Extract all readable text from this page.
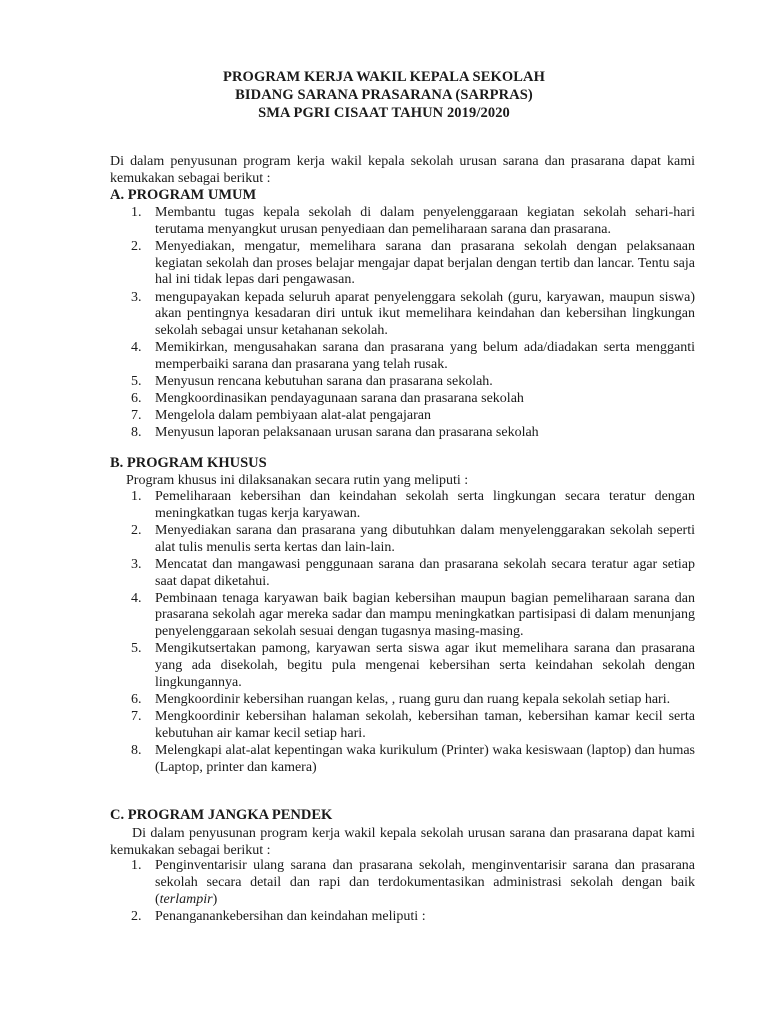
PROGRAM KERJA WAKIL KEPALA SEKOLAH
BIDANG SARANA PRASARANA (SARPRAS)
SMA PGRI CISAAT TAHUN 2019/2020
Di dalam penyusunan program kerja wakil kepala sekolah urusan sarana dan prasarana dapat kami kemukakan sebagai berikut :
A. PROGRAM UMUM
1. Membantu tugas kepala sekolah di dalam penyelenggaraan kegiatan sekolah sehari-hari terutama menyangkut urusan penyediaan dan pemeliharaan sarana dan prasarana.
2. Menyediakan, mengatur, memelihara sarana dan prasarana sekolah dengan pelaksanaan kegiatan sekolah dan proses belajar mengajar dapat berjalan dengan tertib dan lancar. Tentu saja hal ini tidak lepas dari pengawasan.
3. mengupayakan kepada seluruh aparat penyelenggara sekolah (guru, karyawan, maupun siswa) akan pentingnya kesadaran diri untuk ikut memelihara keindahan dan kebersihan lingkungan sekolah sebagai unsur ketahanan sekolah.
4. Memikirkan, mengusahakan sarana dan prasarana yang belum ada/diadakan serta mengganti memperbaiki sarana dan prasarana yang telah rusak.
5. Menyusun rencana kebutuhan sarana dan prasarana sekolah.
6. Mengkoordinasikan pendayagunaan sarana dan prasarana sekolah
7. Mengelola dalam pembiyaan alat-alat pengajaran
8. Menyusun laporan pelaksanaan urusan sarana dan prasarana sekolah
B. PROGRAM KHUSUS
Program khusus ini dilaksanakan secara rutin yang meliputi :
1. Pemeliharaan kebersihan dan keindahan sekolah serta lingkungan secara teratur dengan meningkatkan tugas kerja karyawan.
2. Menyediakan sarana dan prasarana yang dibutuhkan dalam menyelenggarakan sekolah seperti alat tulis menulis serta kertas dan lain-lain.
3. Mencatat dan mangawasi penggunaan sarana dan prasarana sekolah secara teratur agar setiap saat dapat diketahui.
4. Pembinaan tenaga karyawan baik bagian kebersihan maupun bagian pemeliharaan sarana dan prasarana sekolah agar mereka sadar dan mampu meningkatkan partisipasi di dalam menunjang penyelenggaraan sekolah sesuai dengan tugasnya masing-masing.
5. Mengikutsertakan pamong, karyawan serta siswa agar ikut memelihara sarana dan prasarana yang ada disekolah, begitu pula mengenai kebersihan serta keindahan sekolah dengan lingkungannya.
6. Mengkoordinir kebersihan ruangan kelas, , ruang guru dan ruang kepala sekolah setiap hari.
7. Mengkoordinir kebersihan halaman sekolah, kebersihan taman, kebersihan kamar kecil serta kebutuhan air kamar kecil setiap hari.
8. Melengkapi alat-alat kepentingan waka kurikulum (Printer) waka kesiswaan (laptop) dan humas (Laptop, printer dan kamera)
C. PROGRAM JANGKA PENDEK
Di dalam penyusunan program kerja wakil kepala sekolah urusan sarana dan prasarana dapat kami kemukakan sebagai berikut :
1. Penginventarisir ulang sarana dan prasarana sekolah, menginventarisir sarana dan prasarana sekolah secara detail dan rapi dan terdokumentasikan administrasi sekolah dengan baik (terlampir)
2. Penanganankebersihan dan keindahan meliputi :
